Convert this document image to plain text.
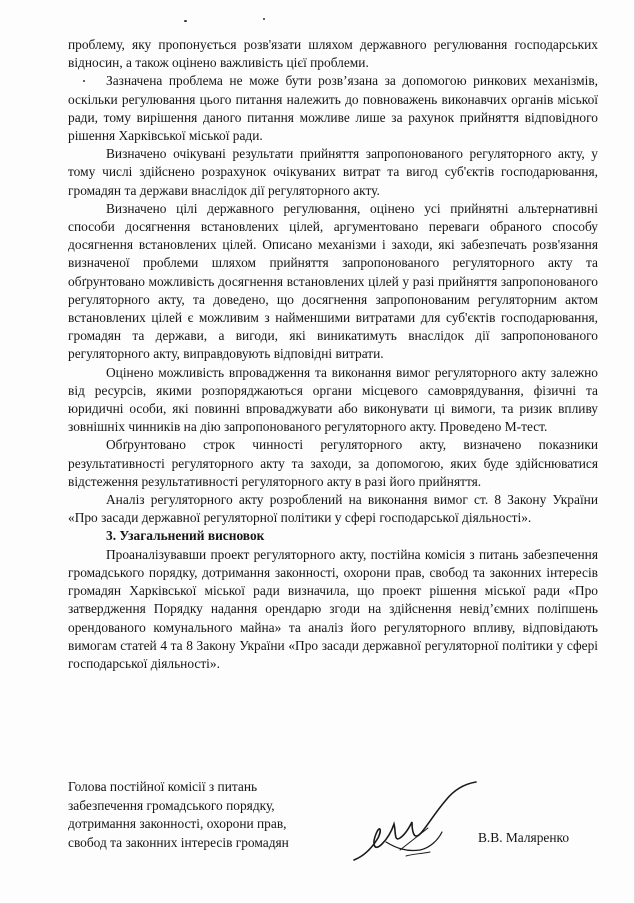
проблему, яку пропонується розв'язати шляхом державного регулювання господарських відносин, а також оцінено важливість цієї проблеми.

Зазначена проблема не може бути розв’язана за допомогою ринкових механізмів, оскільки регулювання цього питання належить до повноважень виконавчих органів міської ради, тому вирішення даного питання можливе лише за рахунок прийняття відповідного рішення Харківської міської ради.

Визначено очікувані результати прийняття запропонованого регуляторного акту, у тому числі здійснено розрахунок очікуваних витрат та вигод суб'єктів господарювання, громадян та держави внаслідок дії регуляторного акту.

Визначено цілі державного регулювання, оцінено усі прийнятні альтернативні способи досягнення встановлених цілей, аргументовано переваги обраного способу досягнення встановлених цілей. Описано механізми і заходи, які забезпечать розв'язання визначеної проблеми шляхом прийняття запропонованого регуляторного акту та обґрунтовано можливість досягнення встановлених цілей у разі прийняття запропонованого регуляторного акту, та доведено, що досягнення запропонованим регуляторним актом встановлених цілей є можливим з найменшими витратами для суб'єктів господарювання, громадян та держави, а вигоди, які виникатимуть внаслідок дії запропонованого регуляторного акту, виправдовують відповідні витрати.

Оцінено можливість впровадження та виконання вимог регуляторного акту залежно від ресурсів, якими розпоряджаються органи місцевого самоврядування, фізичні та юридичні особи, які повинні впроваджувати або виконувати ці вимоги, та ризик впливу зовнішніх чинників на дію запропонованого регуляторного акту. Проведено М-тест.

Обґрунтовано строк чинності регуляторного акту, визначено показники результативності регуляторного акту та заходи, за допомогою, яких буде здійснюватися відстеження результативності регуляторного акту в разі його прийняття.

Аналіз регуляторного акту розроблений на виконання вимог ст. 8 Закону України «Про засади державної регуляторної політики у сфері господарської діяльності».

3. Узагальнений висновок

Проаналізувавши проект регуляторного акту, постійна комісія з питань забезпечення громадського порядку, дотримання законності, охорони прав, свобод та законних інтересів громадян Харківської міської ради визначила, що проект рішення міської ради «Про затвердження Порядку надання орендарю згоди на здійснення невід’ємних поліпшень орендованого комунального майна» та аналіз його регуляторного впливу, відповідають вимогам статей 4 та 8 Закону України «Про засади державної регуляторної політики у сфері господарської діяльності».

Голова постійної комісії з питань
забезпечення громадського порядку,
дотримання законності, охорони прав,
свобод та законних інтересів громадян	В.В. Маляренко
